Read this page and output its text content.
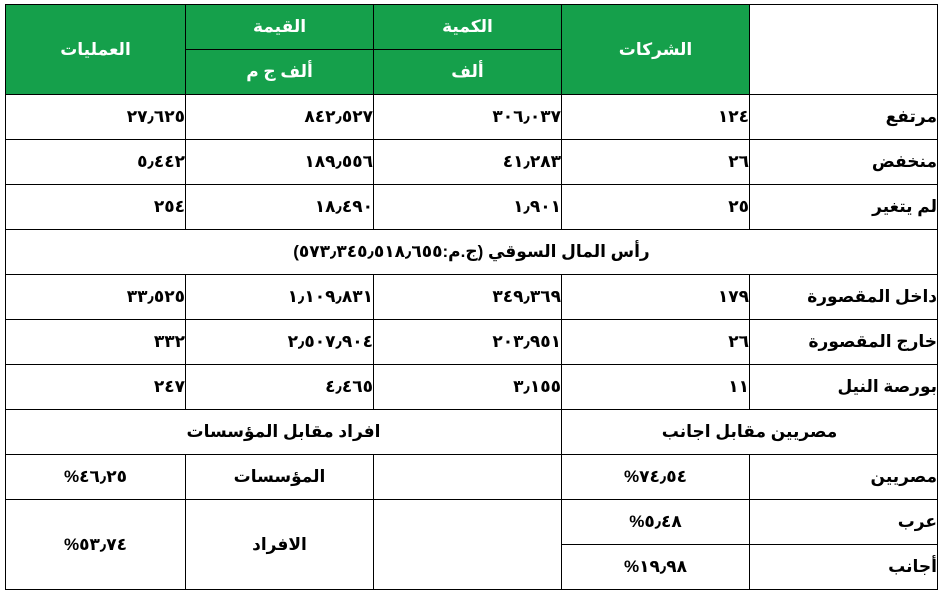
	الشركات	الكمية	القيمة	العمليات
		ألف	ألف ج م	
مرتفع	١٢٤	٣٠٦٫٠٣٧	٨٤٢٫٥٢٧	٢٧٫٦٢٥
منخفض	٢٦	٤١٫٢٨٣	١٨٩٫٥٥٦	٥٫٤٤٢
لم يتغير	٢٥	١٫٩٠١	١٨٫٤٩٠	٢٥٤
رأس المال السوقي (ج.م:٥٧٣٫٣٤٥٫٥١٨٫٦٥٥)				
داخل المقصورة	١٧٩	٣٤٩٫٣٦٩	١٫١٠٩٫٨٣١	٣٣٫٥٢٥
خارج المقصورة	٢٦	٢٠٣٫٩٥١	٢٫٥٠٧٫٩٠٤	٣٣٢
بورصة النيل	١١	٣٫١٥٥	٤٫٤٦٥	٢٤٧
مصريين مقابل اجانب		افراد مقابل المؤسسات		
مصريين	٧٤٫٥٤%		المؤسسات	٤٦٫٢٥%
عرب	٥٫٤٨%		الافراد	٥٣٫٧٤%
أجانب	١٩٫٩٨%			
